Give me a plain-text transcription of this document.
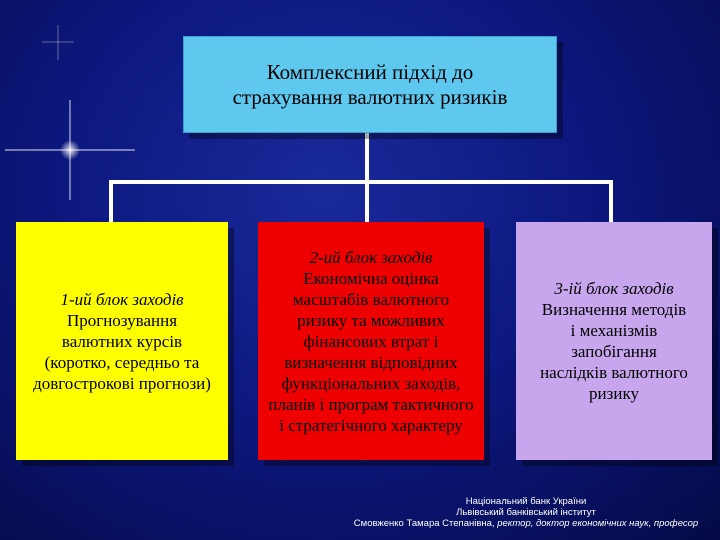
Комплексний підхід до
страхування валютних ризиків
1-ий блок заходів
Прогнозування
валютних курсів
(коротко, середньо та
довгострокові прогнози)
2-ий блок заходів
Економічна оцінка
масштабів валютного
ризику та можливих
фінансових втрат і
визначення відповідних
функціональних заходів,
планів і програм тактичного
і стратегічного характеру
3-ій блок заходів
Визначення методів
і механізмів
запобігання
наслідків валютного
ризику
Національний банк України
Львівський банківський інститут
Смовженко Тамара Степанівна, ректор, доктор економічних наук, професор
